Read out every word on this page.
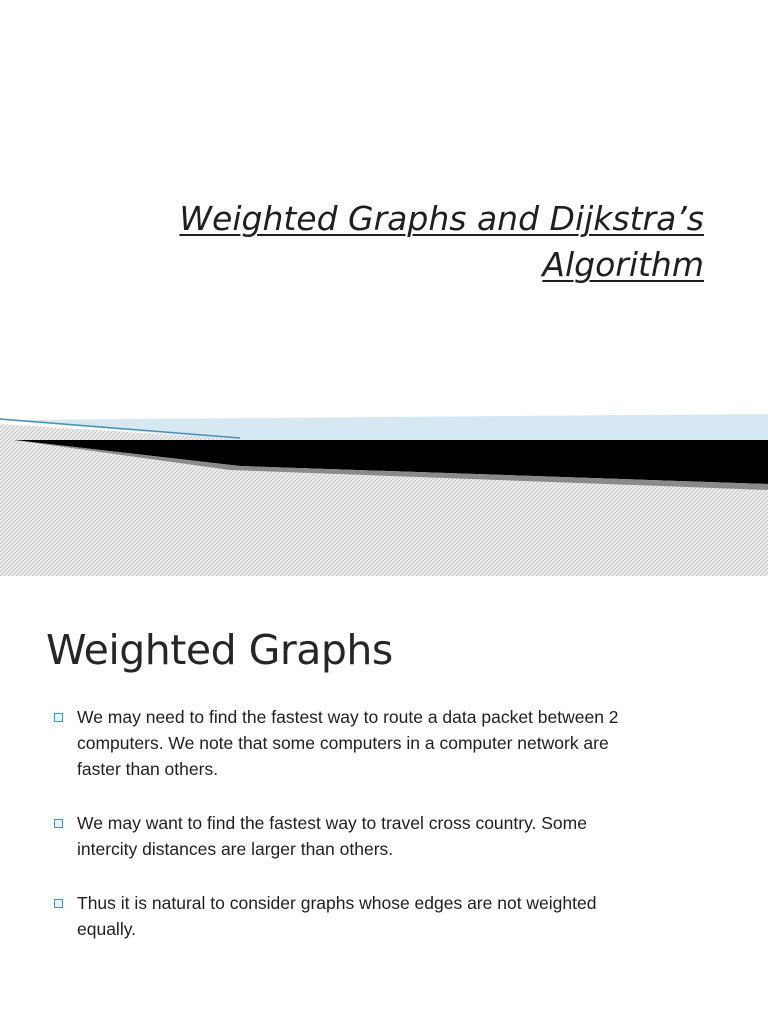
Weighted Graphs and Dijkstra’s
Algorithm
Weighted Graphs
We may need to find the fastest way to route a data packet between 2
computers. We note that some computers in a computer network are
faster than others.
We may want to find the fastest way to travel cross country. Some
intercity distances are larger than others.
Thus it is natural to consider graphs whose edges are not weighted
equally.
